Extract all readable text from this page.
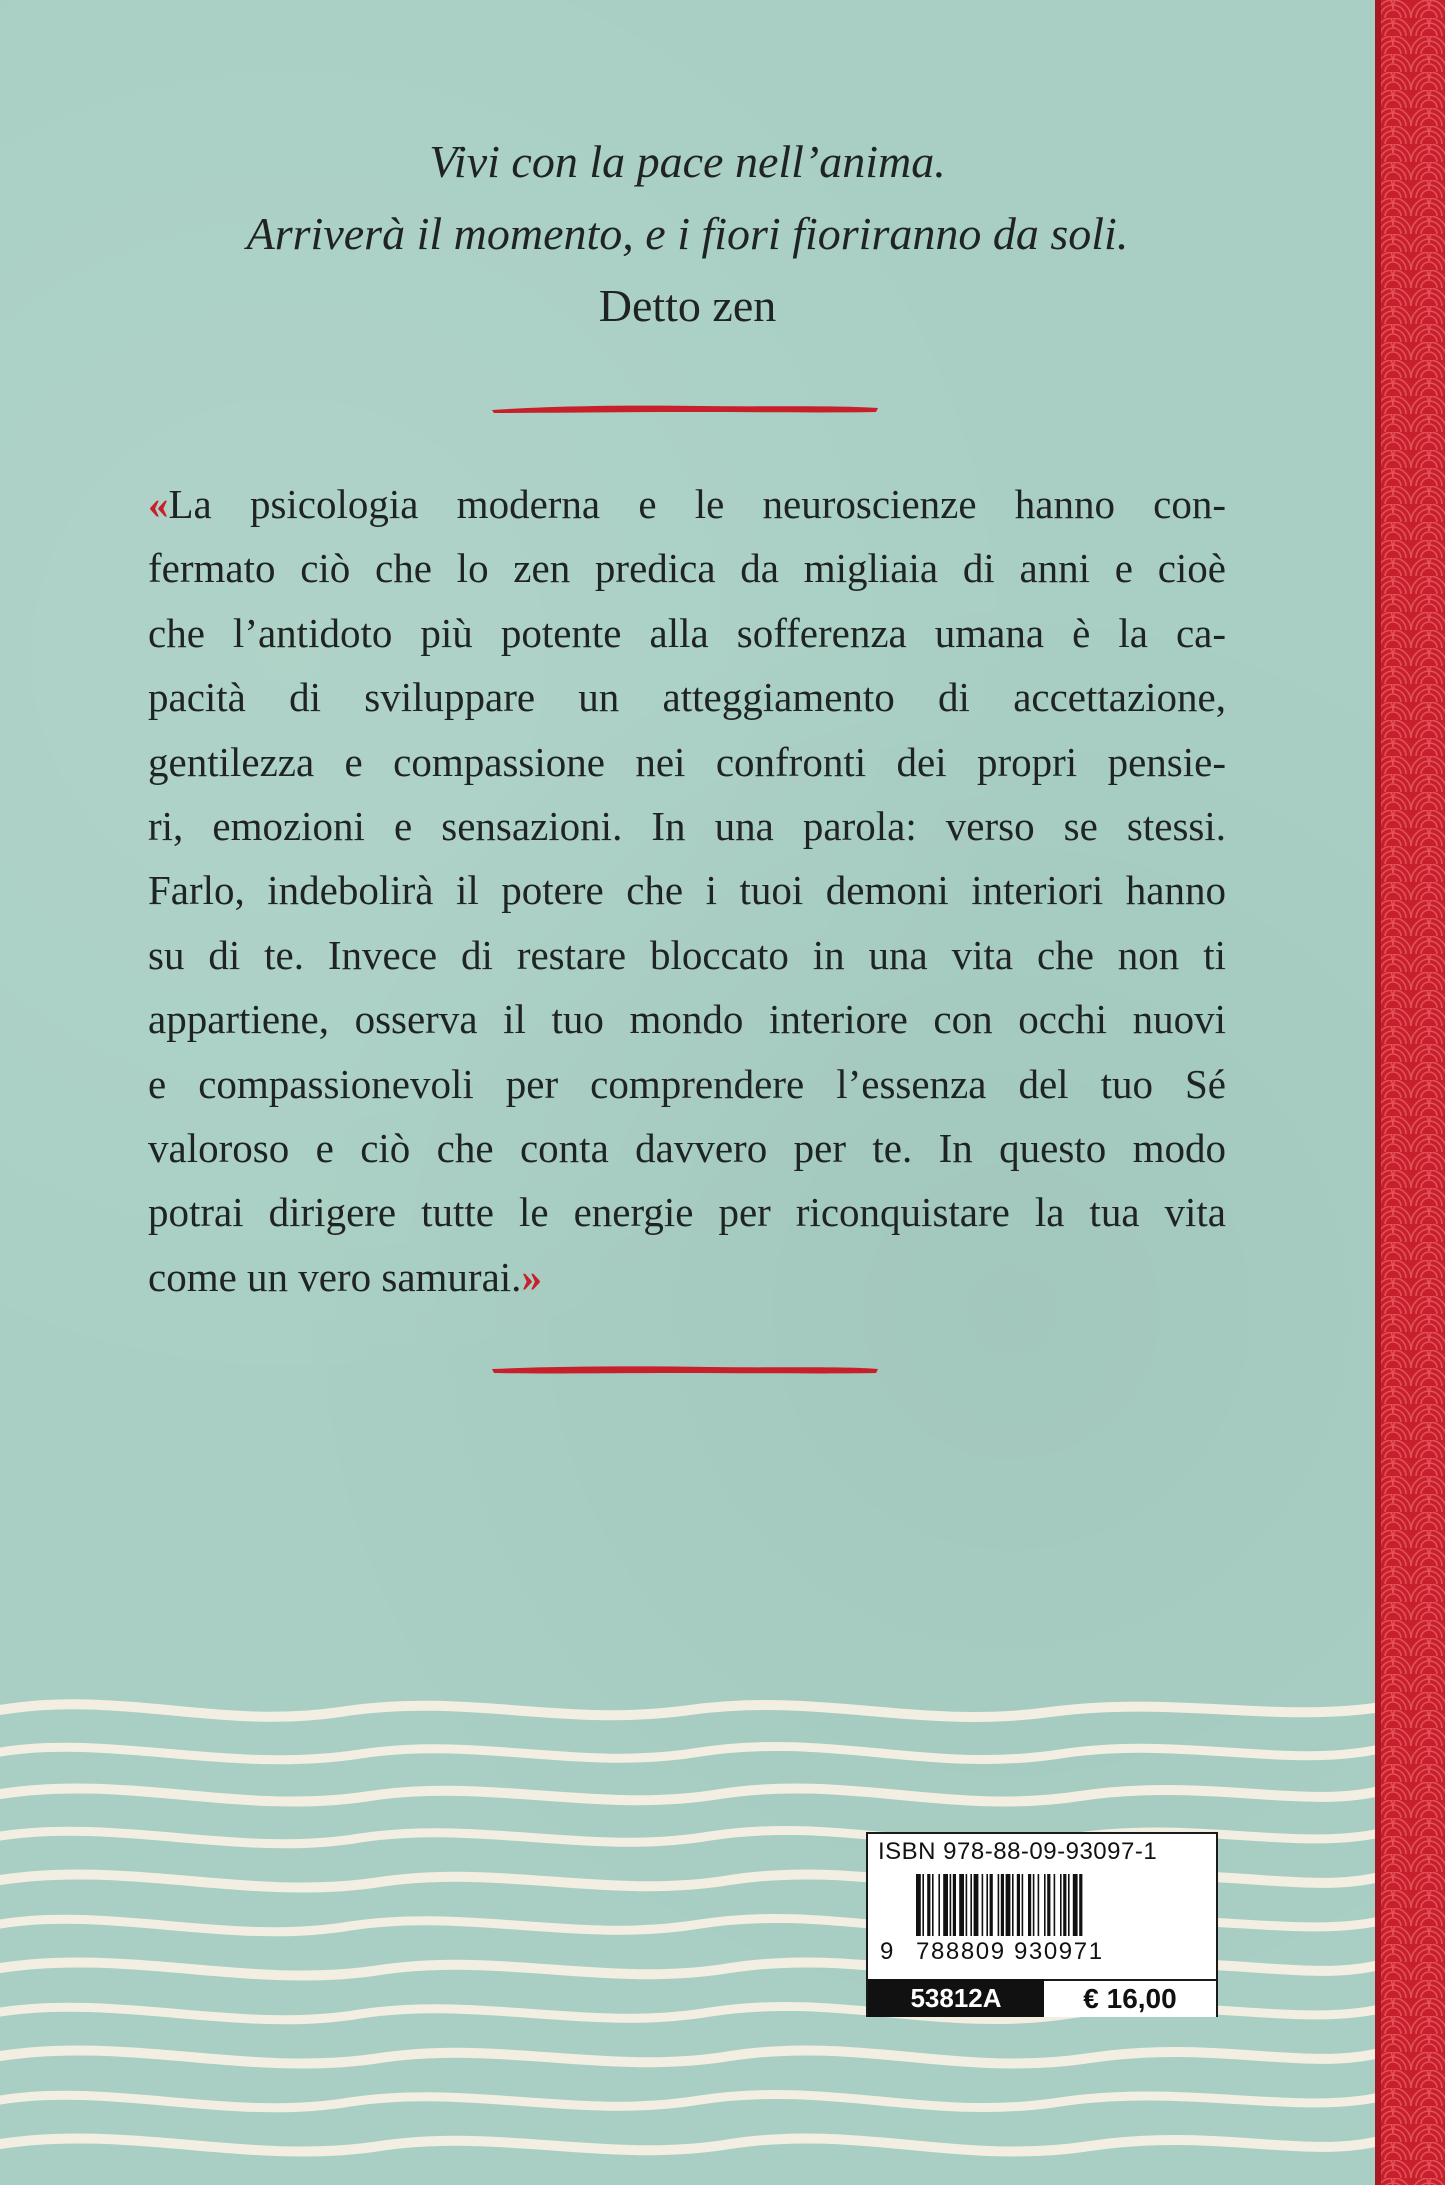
Vivi con la pace nell’anima.
Arriverà il momento, e i fiori fioriranno da soli.
Detto zen
«La psicologia moderna e le neuroscienze hanno con-
fermato ciò che lo zen predica da migliaia di anni e cioè
che l’antidoto più potente alla sofferenza umana è la ca-
pacità di sviluppare un atteggiamento di accettazione,
gentilezza e compassione nei confronti dei propri pensie-
ri, emozioni e sensazioni. In una parola: verso se stessi.
Farlo, indebolirà il potere che i tuoi demoni interiori hanno
su di te. Invece di restare bloccato in una vita che non ti
appartiene, osserva il tuo mondo interiore con occhi nuovi
e compassionevoli per comprendere l’essenza del tuo Sé
valoroso e ciò che conta davvero per te. In questo modo
potrai dirigere tutte le energie per riconquistare la tua vita
come un vero samurai.»
ISBN 978-88-09-93097-1
9 788809 930971
53812A	€ 16,00
